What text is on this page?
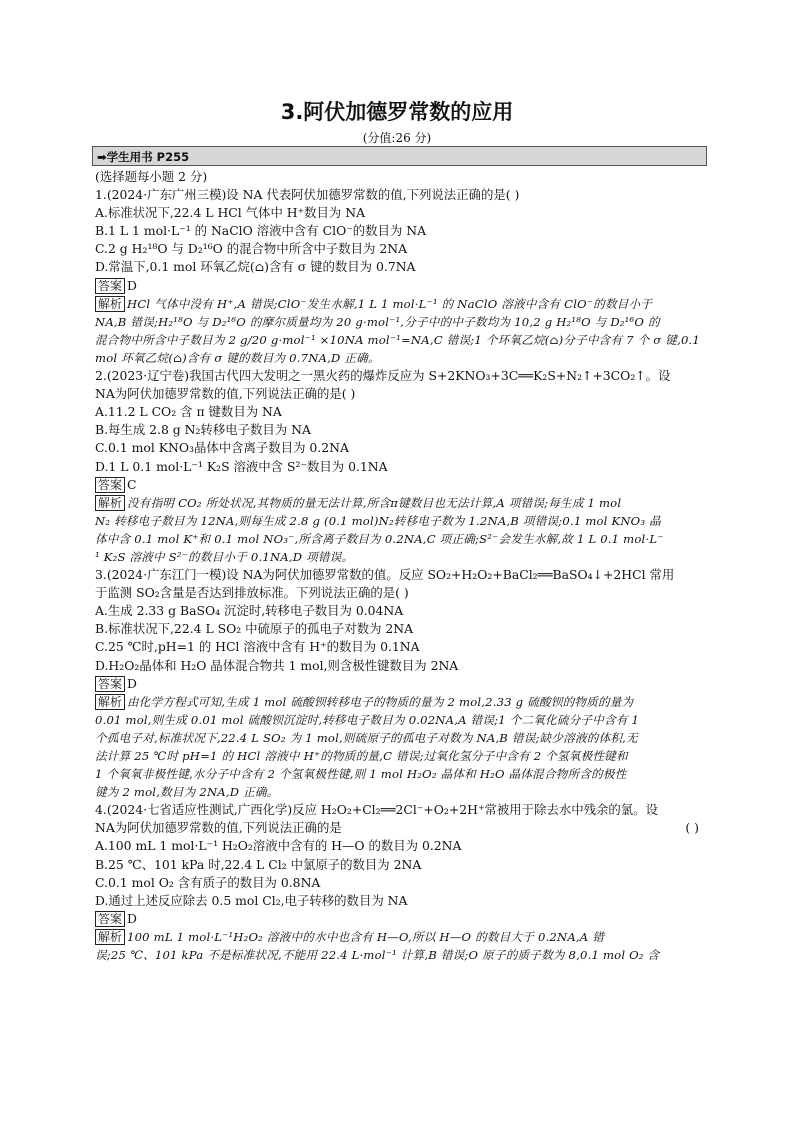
3.阿伏加德罗常数的应用
(分值:26 分)
➡学生用书 P255
(选择题每小题 2 分)
1.(2024·广东广州三模)设 NA 代表阿伏加德罗常数的值,下列说法正确的是( )
A.标准状况下,22.4 L HCl 气体中 H⁺数目为 NA
B.1 L 1 mol·L⁻¹ 的 NaClO 溶液中含有 ClO⁻的数目为 NA
C.2 g H₂¹⁸O 与 D₂¹⁶O 的混合物中所含中子数目为 2NA
D.常温下,0.1 mol 环氧乙烷(⌂)含有 σ 键的数目为 0.7NA
答案 D
解析 HCl 气体中没有 H⁺,A 错误;ClO⁻发生水解,1 L 1 mol·L⁻¹ 的 NaClO 溶液中含有 ClO⁻的数目小于
NA,B 错误;H₂¹⁸O 与 D₂¹⁶O 的摩尔质量均为 20 g·mol⁻¹,分子中的中子数均为 10,2 g H₂¹⁸O 与 D₂¹⁶O 的
混合物中所含中子数目为 2 g/20 g·mol⁻¹ ×10NA mol⁻¹=NA,C 错误;1 个环氧乙烷(⌂)分子中含有 7 个 σ 键,0.1
mol 环氧乙烷(⌂)含有 σ 键的数目为 0.7NA,D 正确。
2.(2023·辽宁卷)我国古代四大发明之一黑火药的爆炸反应为 S+2KNO₃+3C══K₂S+N₂↑+3CO₂↑。设
NA为阿伏加德罗常数的值,下列说法正确的是( )
A.11.2 L CO₂ 含 π 键数目为 NA
B.每生成 2.8 g N₂转移电子数目为 NA
C.0.1 mol KNO₃晶体中含离子数目为 0.2NA
D.1 L 0.1 mol·L⁻¹ K₂S 溶液中含 S²⁻数目为 0.1NA
答案 C
解析 没有指明 CO₂ 所处状况,其物质的量无法计算,所含π键数目也无法计算,A 项错误;每生成 1 mol
N₂ 转移电子数目为 12NA,则每生成 2.8 g (0.1 mol)N₂转移电子数为 1.2NA,B 项错误;0.1 mol KNO₃ 晶
体中含 0.1 mol K⁺和 0.1 mol NO₃⁻,所含离子数目为 0.2NA,C 项正确;S²⁻会发生水解,故 1 L 0.1 mol·L⁻
¹ K₂S 溶液中 S²⁻的数目小于 0.1NA,D 项错误。
3.(2024·广东江门一模)设 NA为阿伏加德罗常数的值。反应 SO₂+H₂O₂+BaCl₂══BaSO₄↓+2HCl 常用
于监测 SO₂含量是否达到排放标准。下列说法正确的是( )
A.生成 2.33 g BaSO₄ 沉淀时,转移电子数目为 0.04NA
B.标准状况下,22.4 L SO₂ 中硫原子的孤电子对数为 2NA
C.25 ℃时,pH=1 的 HCl 溶液中含有 H⁺的数目为 0.1NA
D.H₂O₂晶体和 H₂O 晶体混合物共 1 mol,则含极性键数目为 2NA
答案 D
解析 由化学方程式可知,生成 1 mol 硫酸钡转移电子的物质的量为 2 mol,2.33 g 硫酸钡的物质的量为
0.01 mol,则生成 0.01 mol 硫酸钡沉淀时,转移电子数目为 0.02NA,A 错误;1 个二氧化硫分子中含有 1
个孤电子对,标准状况下,22.4 L SO₂ 为 1 mol,则硫原子的孤电子对数为 NA,B 错误;缺少溶液的体积,无
法计算 25 ℃时 pH=1 的 HCl 溶液中 H⁺的物质的量,C 错误;过氧化氢分子中含有 2 个氢氧极性键和
1 个氧氧非极性键,水分子中含有 2 个氢氧极性键,则 1 mol H₂O₂ 晶体和 H₂O 晶体混合物所含的极性
键为 2 mol,数目为 2NA,D 正确。
4.(2024·七省适应性测试,广西化学)反应 H₂O₂+Cl₂══2Cl⁻+O₂+2H⁺常被用于除去水中残余的氯。设
NA为阿伏加德罗常数的值,下列说法正确的是	( )
A.100 mL 1 mol·L⁻¹ H₂O₂溶液中含有的 H—O 的数目为 0.2NA
B.25 ℃、101 kPa 时,22.4 L Cl₂ 中氯原子的数目为 2NA
C.0.1 mol O₂ 含有质子的数目为 0.8NA
D.通过上述反应除去 0.5 mol Cl₂,电子转移的数目为 NA
答案 D
解析 100 mL 1 mol·L⁻¹H₂O₂ 溶液中的水中也含有 H—O,所以 H—O 的数目大于 0.2NA,A 错
误;25 ℃、101 kPa 不是标准状况,不能用 22.4 L·mol⁻¹ 计算,B 错误;O 原子的质子数为 8,0.1 mol O₂ 含
